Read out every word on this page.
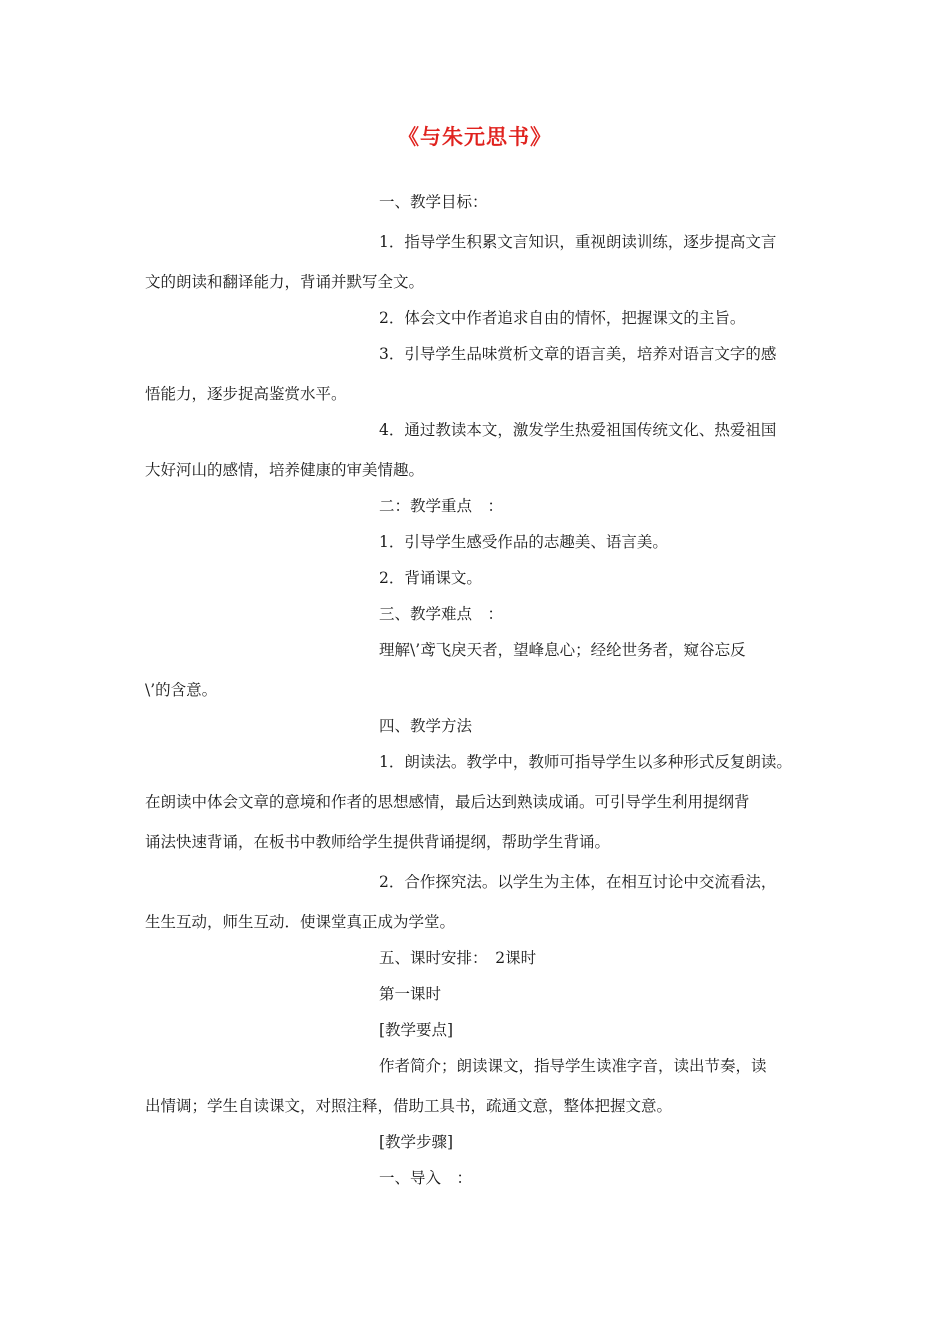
《与朱元思书》

一、教学目标：

1．指导学生积累文言知识，重视朗读训练，逐步提高文言

文的朗读和翻译能力，背诵并默写全文。

2．体会文中作者追求自由的情怀，把握课文的主旨。

3．引导学生品味赏析文章的语言美，培养对语言文字的感

悟能力，逐步捉高鉴赏水平。

4．通过教读本文，激发学生热爱祖国传统文化、热爱祖国

大好河山的感情，培养健康的审美情趣。

二：教学重点　：

1．引导学生感受作品的志趣美、语言美。

2．背诵课文。

三、教学难点　：

理解\’鸢飞戾天者，望峰息心；经纶世务者，窥谷忘反

\’的含意。

四、教学方法

1．朗读法。教学中，教师可指导学生以多种形式反复朗读。

在朗读中体会文章的意境和作者的思想感情，最后达到熟读成诵。可引导学生利用提纲背

诵法快速背诵，在板书中教师给学生提供背诵提纲，帮助学生背诵。

2．合作探究法。以学生为主体，在相互讨论中交流看法，

生生互动，师生互动．使课堂真正成为学堂。

五、课时安排：　2课时

第一课时

[教学要点]

作者简介；朗读课文，指导学生读准字音，读出节奏，读

出情调；学生自读课文，对照注释，借助工具书，疏通文意，整体把握文意。

[教学步骤]

一、导入　：
